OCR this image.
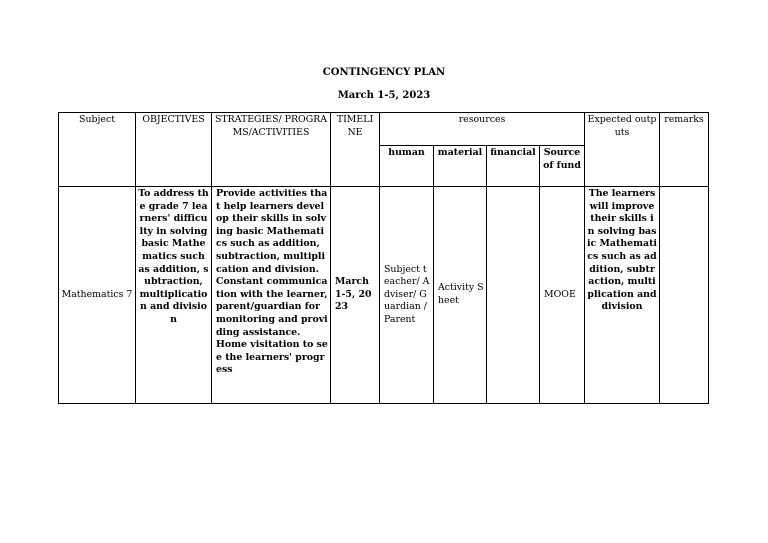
CONTINGENCY PLAN
March 1-5, 2023
Subject	OBJECTIVES	STRATEGIES/ PROGRAMS/ACTIVITIES	TIMELINE	resources				Expected outputs	remarks
				human	material	financial	Source of fund		
Mathematics 7	To address the grade 7 learners' difficulty in solving basic Mathematics such as addition, subtraction, multiplication and division	Provide activities that help learners develop their skills in solving basic Mathematics such as addition, subtraction, multiplication and division.
Constant communication with the learner, parent/guardian for monitoring and providing assistance.
Home visitation to see the learners' progress	March 1-5, 2023	Subject teacher/ Adviser/ Guardian /Parent	Activity Sheet		MOOE	The learners will improve their skills in solving basic Mathematics such as addition, subtraction, multiplication and division	
